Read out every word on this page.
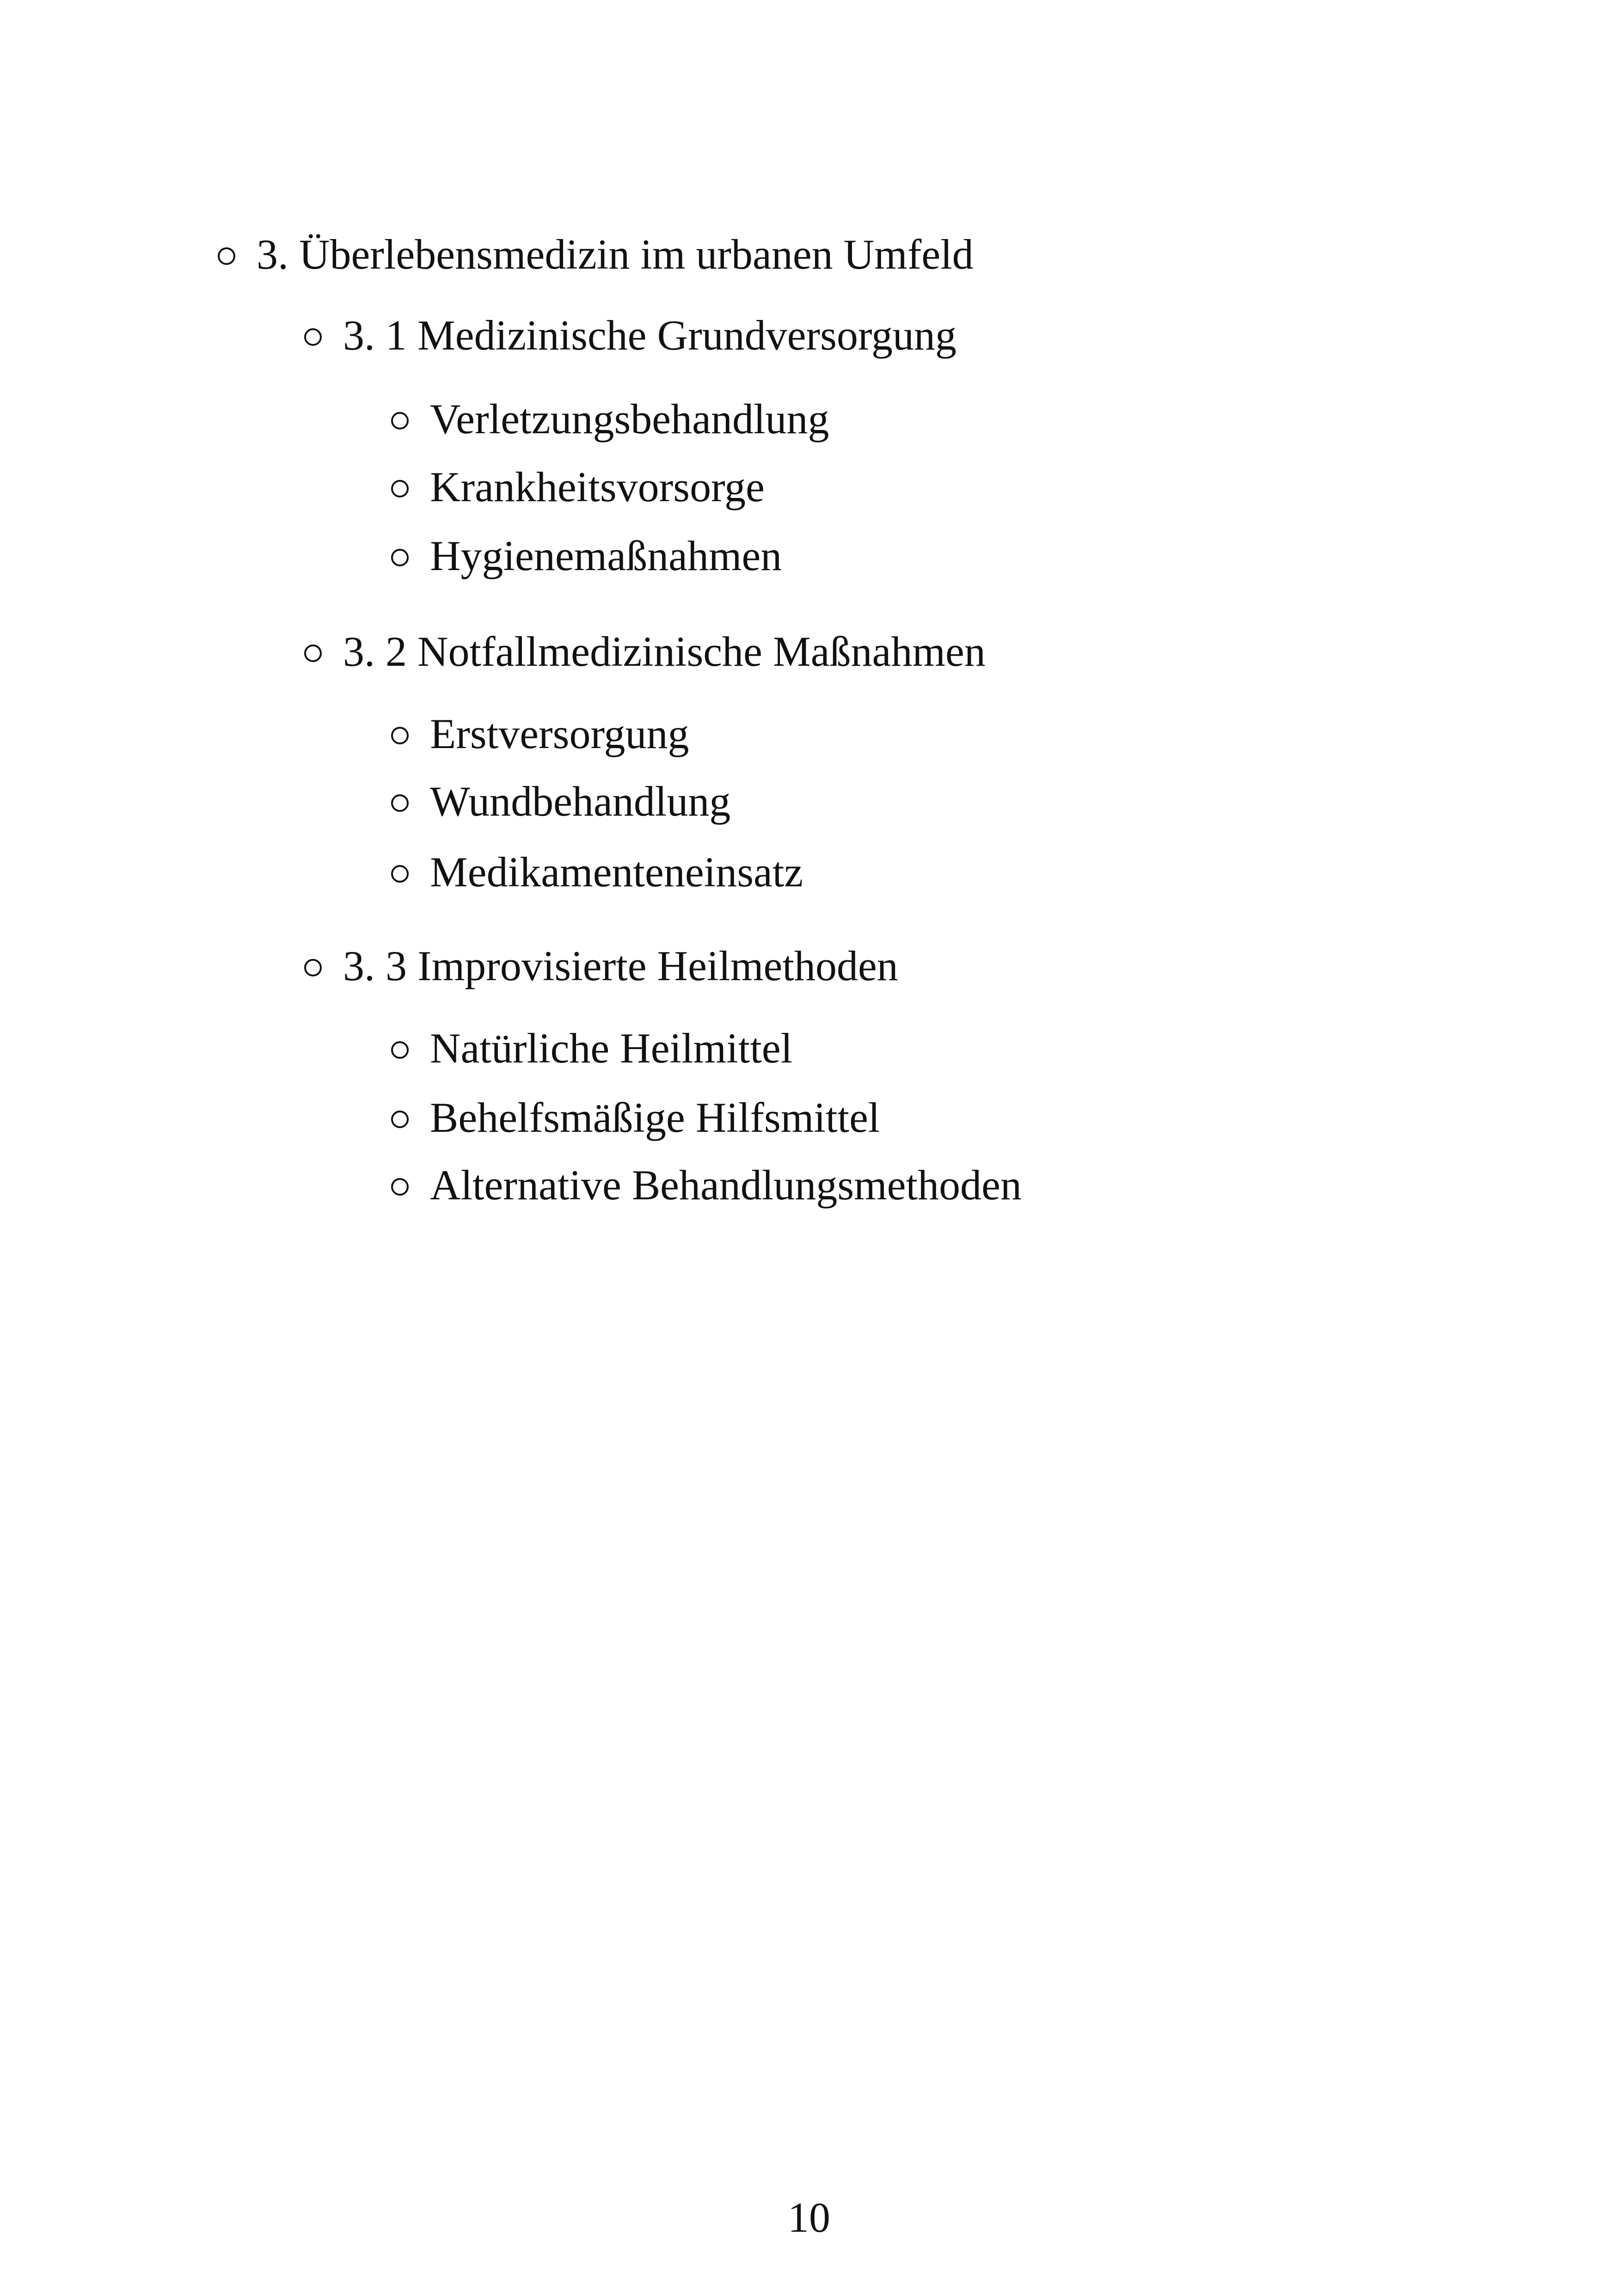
3. Überlebensmedizin im urbanen Umfeld
3. 1 Medizinische Grundversorgung
Verletzungsbehandlung
Krankheitsvorsorge
Hygienemaßnahmen
3. 2 Notfallmedizinische Maßnahmen
Erstversorgung
Wundbehandlung
Medikamenteneinsatz
3. 3 Improvisierte Heilmethoden
Natürliche Heilmittel
Behelfsmäßige Hilfsmittel
Alternative Behandlungsmethoden
10
